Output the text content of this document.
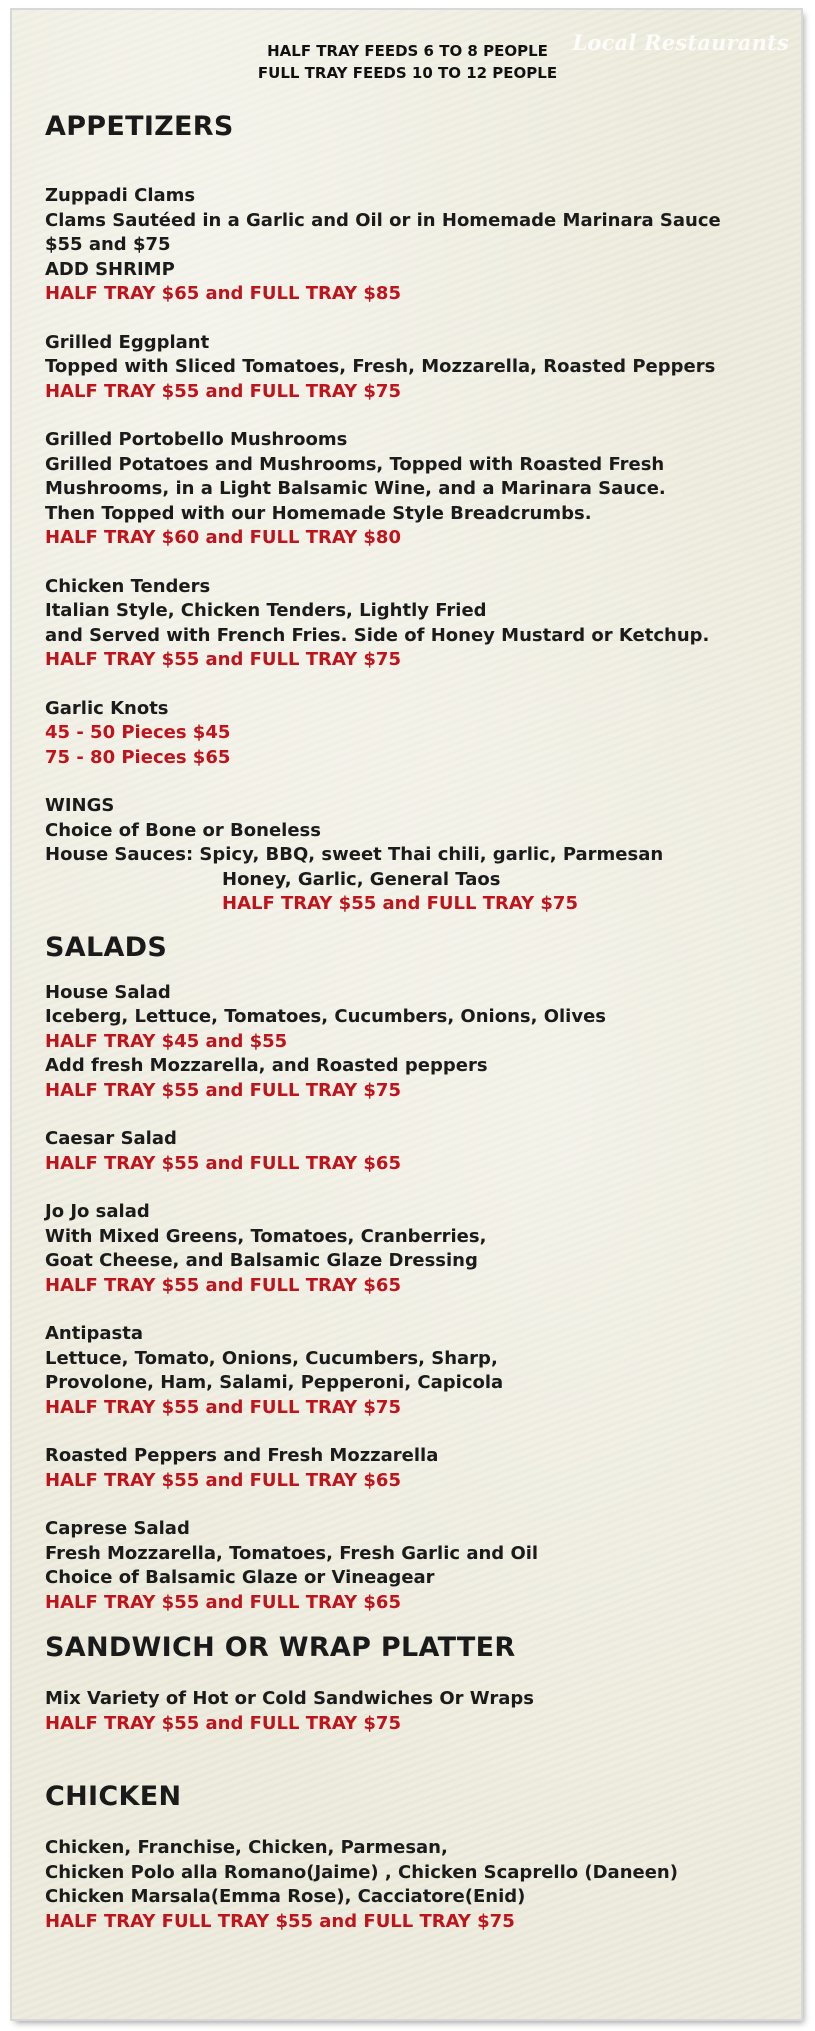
Local Restaurants

HALF TRAY FEEDS 6 TO 8 PEOPLE

FULL TRAY FEEDS 10 TO 12 PEOPLE

APPETIZERS
Zuppadi Clams
Clams Sautéed in a Garlic and Oil or in Homemade Marinara Sauce
$55 and $75
ADD SHRIMP
HALF TRAY $65 and FULL TRAY $85
Grilled Eggplant
Topped with Sliced Tomatoes, Fresh, Mozzarella, Roasted Peppers
HALF TRAY $55 and FULL TRAY $75
Grilled Portobello Mushrooms
Grilled Potatoes and Mushrooms, Topped with Roasted Fresh
Mushrooms, in a Light Balsamic Wine, and a Marinara Sauce.
Then Topped with our Homemade Style Breadcrumbs.
HALF TRAY $60 and FULL TRAY $80
Chicken Tenders
Italian Style, Chicken Tenders, Lightly Fried
and Served with French Fries. Side of Honey Mustard or Ketchup.
HALF TRAY $55 and FULL TRAY $75
Garlic Knots
45 - 50 Pieces $45
75 - 80 Pieces $65
WINGS
Choice of Bone or Boneless
House Sauces: Spicy, BBQ, sweet Thai chili, garlic, Parmesan
Honey, Garlic, General Taos
HALF TRAY $55 and FULL TRAY $75
SALADS
House Salad
Iceberg, Lettuce, Tomatoes, Cucumbers, Onions, Olives
HALF TRAY $45 and $55
Add fresh Mozzarella, and Roasted peppers
HALF TRAY $55 and FULL TRAY $75
Caesar Salad
HALF TRAY $55 and FULL TRAY $65
Jo Jo salad
With Mixed Greens, Tomatoes, Cranberries,
Goat Cheese, and Balsamic Glaze Dressing
HALF TRAY $55 and FULL TRAY $65
Antipasta
Lettuce, Tomato, Onions, Cucumbers, Sharp,
Provolone, Ham, Salami, Pepperoni, Capicola
HALF TRAY $55 and FULL TRAY $75
Roasted Peppers and Fresh Mozzarella
HALF TRAY $55 and FULL TRAY $65
Caprese Salad
Fresh Mozzarella, Tomatoes, Fresh Garlic and Oil
Choice of Balsamic Glaze or Vineagear
HALF TRAY $55 and FULL TRAY $65
SANDWICH OR WRAP PLATTER
Mix Variety of Hot or Cold Sandwiches Or Wraps
HALF TRAY $55 and FULL TRAY $75
CHICKEN
Chicken, Franchise, Chicken, Parmesan,
Chicken Polo alla Romano(Jaime) , Chicken Scaprello (Daneen)
Chicken Marsala(Emma Rose), Cacciatore(Enid)
HALF TRAY FULL TRAY $55 and FULL TRAY $75
